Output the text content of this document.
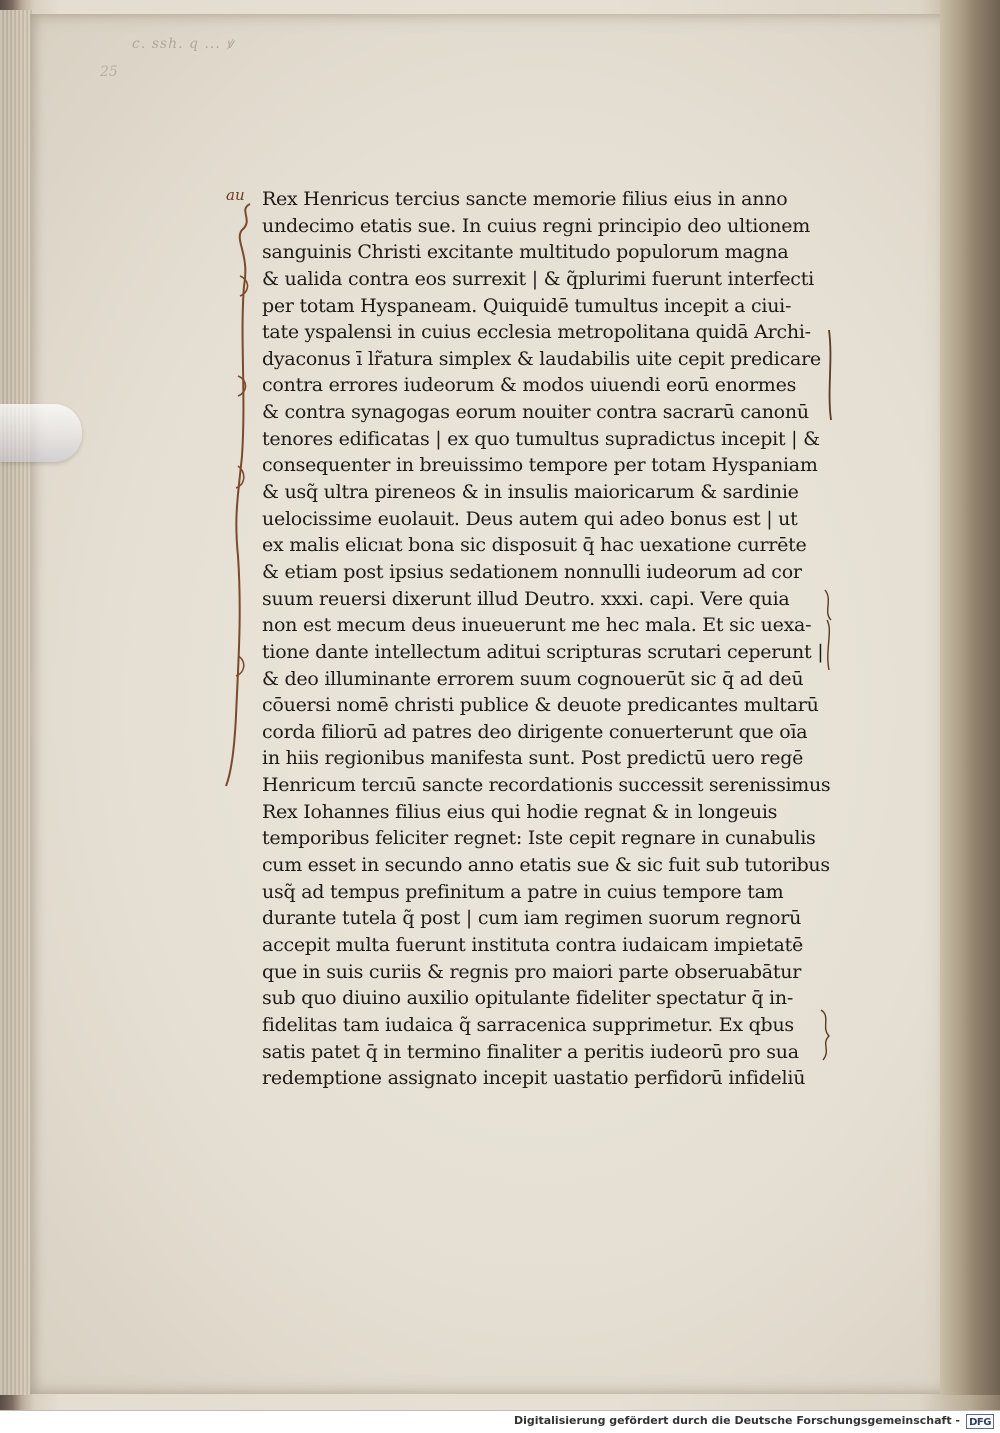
c. ssh. q ... ꝟ
25
au Rex Henricus tercius sancte memorie filius eius in anno
undecimo etatis sue. In cuius regni principio deo ultionem
sanguinis Christi excitante multitudo populorum magna
& ualida contra eos surrexit | & q̃plurimi fuerunt interfecti
per totam Hyspaneam. Quiquidē tumultus incepit a ciui-
tate yspalensi in cuius ecclesia metropolitana quidā Archi-
dyaconus ī lr̃atura simplex & laudabilis uite cepit predicare
contra errores iudeorum & modos uiuendi eorū enormes
& contra synagogas eorum nouiter contra sacrarū canonū
tenores edificatas | ex quo tumultus supradictus incepit | &
consequenter in breuissimo tempore per totam Hyspaniam
& usq̃ ultra pireneos & in insulis maioricarum & sardinie
uelocissime euolauit. Deus autem qui adeo bonus est | ut
ex malis elicıat bona sic disposuit q̄ hac uexatione currēte
& etiam post ipsius sedationem nonnulli iudeorum ad cor
suum reuersi dixerunt illud Deutro. xxxi. capi. Vere quia
non est mecum deus inueuerunt me hec mala. Et sic uexa-
tione dante intellectum aditui scripturas scrutari ceperunt |
& deo illuminante errorem suum cognouerūt sic q̄ ad deū
cōuersi nomē christi publice & deuote predicantes multarū
corda filiorū ad patres deo dirigente conuerterunt que oīa
in hiis regionibus manifesta sunt. Post predictū uero regē
Henricum tercıū sancte recordationis successit serenissimus
Rex Iohannes filius eius qui hodie regnat & in longeuis
temporibus feliciter regnet: Iste cepit regnare in cunabulis
cum esset in secundo anno etatis sue & sic fuit sub tutoribus
usq̃ ad tempus prefinitum a patre in cuius tempore tam
durante tutela q̃ post | cum iam regimen suorum regnorū
accepit multa fuerunt instituta contra iudaicam impietatē
que in suis curiis & regnis pro maiori parte obseruabātur
sub quo diuino auxilio opitulante fideliter spectatur q̄ in-
fidelitas tam iudaica q̃ sarracenica supprimetur. Ex qbus
satis patet q̄ in termino finaliter a peritis iudeorū pro sua
redemptione assignato incepit uastatio perfidorū infideliū
Digitalisierung gefördert durch die Deutsche Forschungsgemeinschaft - DFG
